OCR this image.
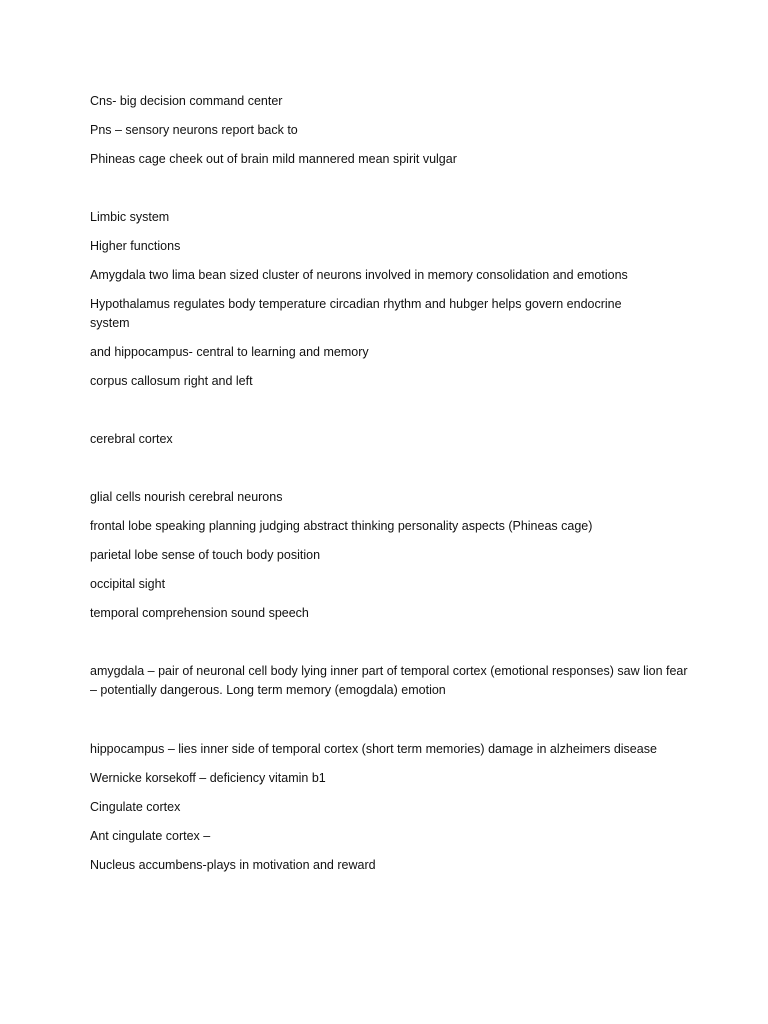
Cns- big decision command center
Pns – sensory neurons report back to
Phineas cage cheek out of brain mild mannered mean spirit vulgar
Limbic system
Higher functions
Amygdala two lima bean sized cluster of neurons involved in memory consolidation and emotions
Hypothalamus regulates body temperature circadian rhythm and hubger helps govern endocrine system
and hippocampus- central to learning and memory
corpus callosum right and left
cerebral cortex
glial cells nourish cerebral neurons
frontal lobe speaking planning judging abstract thinking personality aspects (Phineas cage)
parietal lobe sense of touch body position
occipital sight
temporal comprehension sound speech
amygdala – pair of neuronal cell body lying inner part of temporal cortex (emotional responses) saw lion fear – potentially dangerous. Long term memory (emogdala) emotion
hippocampus – lies inner side of temporal cortex (short term memories) damage in alzheimers disease
Wernicke korsekoff – deficiency vitamin b1
Cingulate cortex
Ant cingulate cortex –
Nucleus accumbens-plays in motivation and reward
